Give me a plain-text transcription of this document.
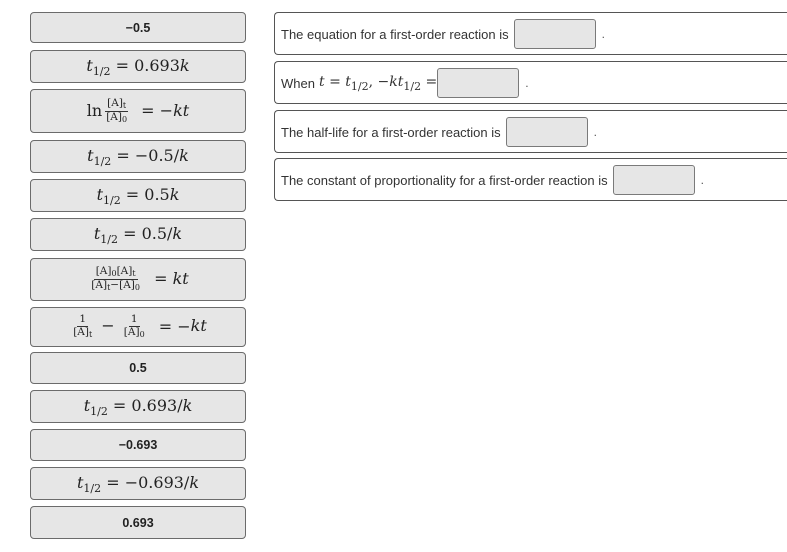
−0.5
$t_{1/2} = 0.693k$
$\ln \frac{[A]t}{[A]0} = -kt$
$t_{1/2} = -0.5/k$
$t_{1/2} = 0.5k$
$t_{1/2} = 0.5/k$
$\frac{[A]0[A]t}{[A]t-[A]0}$ = kt
$\frac{1}{[A]t} - \frac{1}{[A]0} = -kt$
0.5
$t_{1/2} = 0.693/k$
−0.693
$t_{1/2} = -0.693/k$
0.693
The equation for a first-order reaction is	.
When $t = t_{1/2}$, $-kt_{1/2}$ =	.
The half-life for a first-order reaction is	.
The constant of proportionality for a first-order reaction is	.
